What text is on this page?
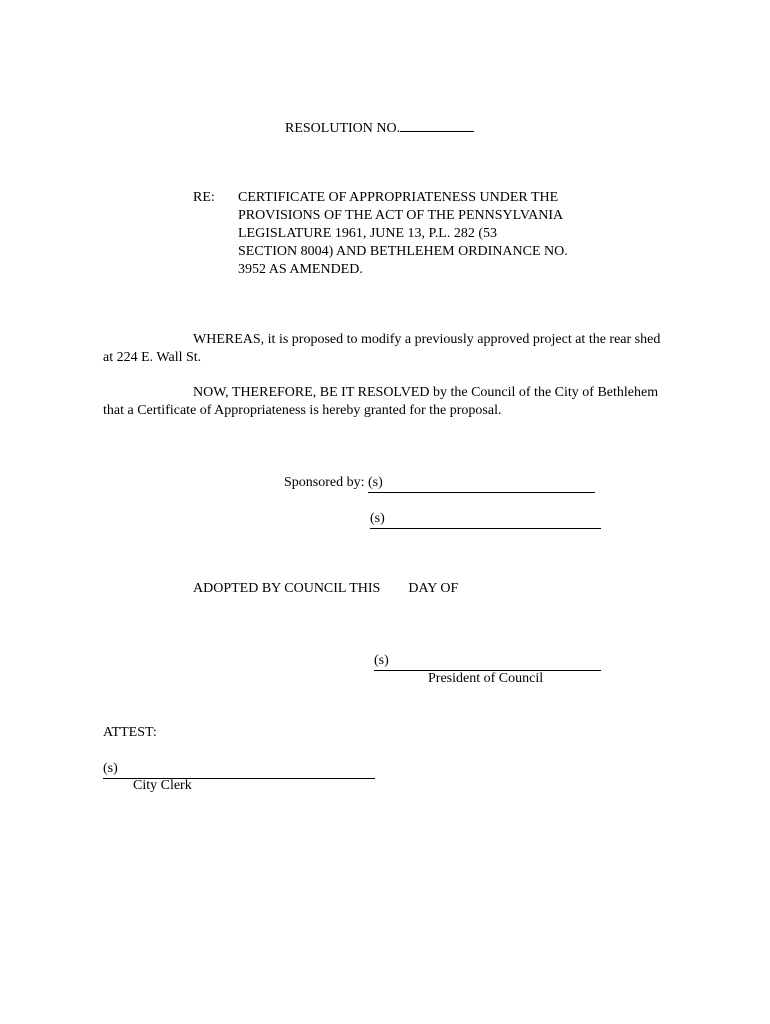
RESOLUTION NO.
RE: CERTIFICATE OF APPROPRIATENESS UNDER THE
PROVISIONS OF THE ACT OF THE PENNSYLVANIA
LEGISLATURE 1961, JUNE 13, P.L. 282 (53
SECTION 8004) AND BETHLEHEM ORDINANCE NO.
3952 AS AMENDED.
WHEREAS, it is proposed to modify a previously approved project at the rear shed at 224 E. Wall St.
NOW, THEREFORE, BE IT RESOLVED by the Council of the City of Bethlehem that a Certificate of Appropriateness is hereby granted for the proposal.
Sponsored by: (s)
(s)
ADOPTED BY COUNCIL THIS DAY OF
(s)
President of Council
ATTEST:
(s)
City Clerk
